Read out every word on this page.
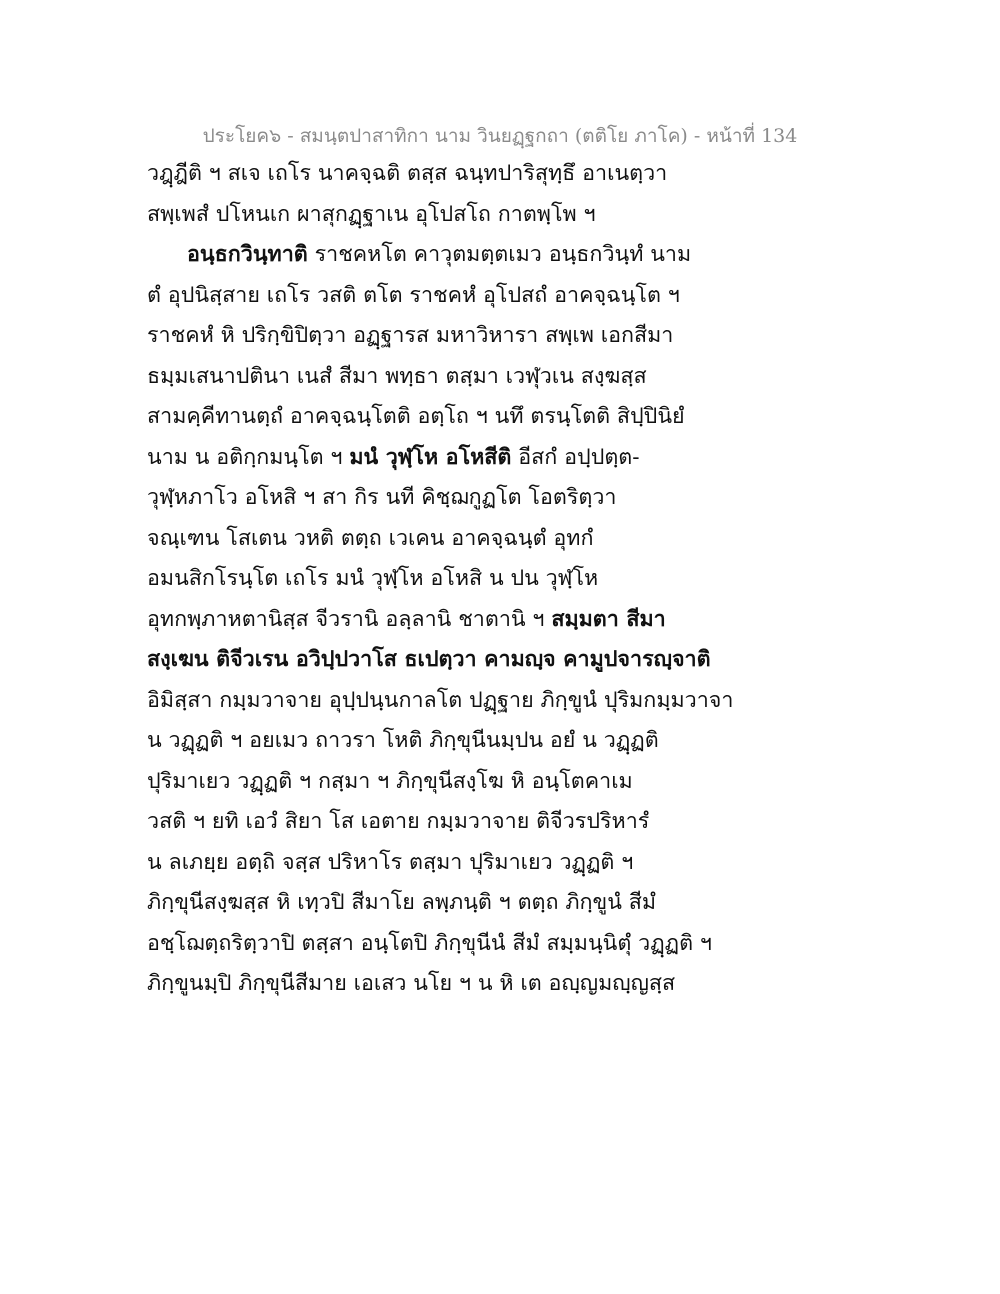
ประโยค๖ - สมนฺตปาสาทิกา นาม วินยฏฺฐกถา (ตติโย ภาโค) - หน้าที่ 134
วฎฺฎีติ ฯ สเจ เถโร นาคจฺฉติ ตสฺส ฉนฺทปาริสุทฺธึ อาเนตฺวา
สพฺเพสํ ปโหนเก ผาสุกฏฺฐาเน อุโปสโถ กาตพฺโพ ฯ
อนฺธกวินฺทาติ ราชคหโต คาวุตมตฺตเมว อนฺธกวินฺทํ นาม
ตํ อุปนิสฺสาย เถโร วสติ ตโต ราชคหํ อุโปสถํ อาคจฺฉนฺโต ฯ
ราชคหํ หิ ปริกฺขิปิตฺวา อฏฺฐารส มหาวิหารา สพฺเพ เอกสีมา
ธมฺมเสนาปตินา เนสํ สีมา พทฺธา ตสฺมา เวฬุวเน สงฺฆสฺส
สามคฺคีทานตฺถํ อาคจฺฉนฺโตติ อตฺโถ ฯ นทึ ตรนฺโตติ สิปฺปินิยํ
นาม น อติกฺกมนฺโต ฯ มนํ วุฬฺโห อโหสีติ อีสกํ อปฺปตฺต-
วุฬฺหภาโว อโหสิ ฯ สา กิร นที คิชฺฌกูฏโต โอตริตฺวา
จณฺเฑน โสเตน วหติ ตตฺถ เวเคน อาคจฺฉนฺตํ อุทกํ
อมนสิกโรนฺโต เถโร มนํ วุฬฺโห อโหสิ น ปน วุฬฺโห
อุทกพฺภาหตานิสฺส จีวรานิ อลฺลานิ ชาตานิ ฯ สมฺมตา สีมา
สงฺเฆน ติจีวเรน อวิปฺปวาโส ธเปตฺวา คามญฺจ คามูปจารญฺจาติ
อิมิสฺสา กมฺมวาจาย อุปฺปนฺนกาลโต ปฏฺฐาย ภิกฺขูนํ ปุริมกมฺมวาจา
น วฏฺฏติ ฯ อยเมว ถาวรา โหติ ภิกฺขุนีนมฺปน อยํ น วฏฺฏติ
ปุริมาเยว วฏฺฏติ ฯ กสฺมา ฯ ภิกฺขุนีสงฺโฆ หิ อนฺโตคาเม
วสติ ฯ ยทิ เอวํ สิยา โส เอตาย กมฺมวาจาย ติจีวรปริหารํ
น ลเภยฺย อตฺถิ จสฺส ปริหาโร ตสฺมา ปุริมาเยว วฏฺฏติ ฯ
ภิกฺขุนีสงฺฆสฺส หิ เทฺวปิ สีมาโย ลพฺภนฺติ ฯ ตตฺถ ภิกฺขูนํ สีมํ
อชฺโฌตฺถริตฺวาปิ ตสฺสา อนฺโตปิ ภิกฺขุนีนํ สีมํ สมฺมนฺนิตุํ วฏฺฏติ ฯ
ภิกฺขูนมฺปิ ภิกฺขุนีสีมาย เอเสว นโย ฯ น หิ เต อญฺญมญฺญสฺส
